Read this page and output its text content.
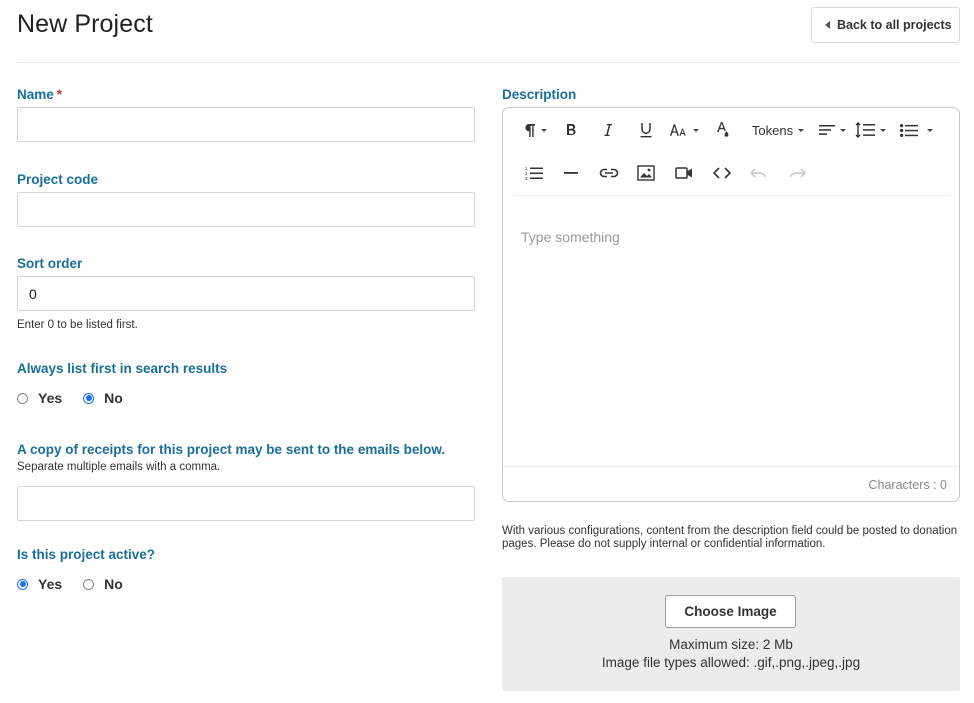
New Project	Back to all projects
Name *
Project code
Sort order
0
Enter 0 to be listed first.
Always list first in search results
Yes	No
A copy of receipts for this project may be sent to the emails below.
Separate multiple emails with a comma.
Is this project active?
Yes	No
Description
Tokens
1
2
3
Type something
Characters : 0
With various configurations, content from the description field could be posted to donation pages. Please do not supply internal or confidential information.
Choose Image
Maximum size: 2 Mb
Image file types allowed: .gif,.png,.jpeg,.jpg
